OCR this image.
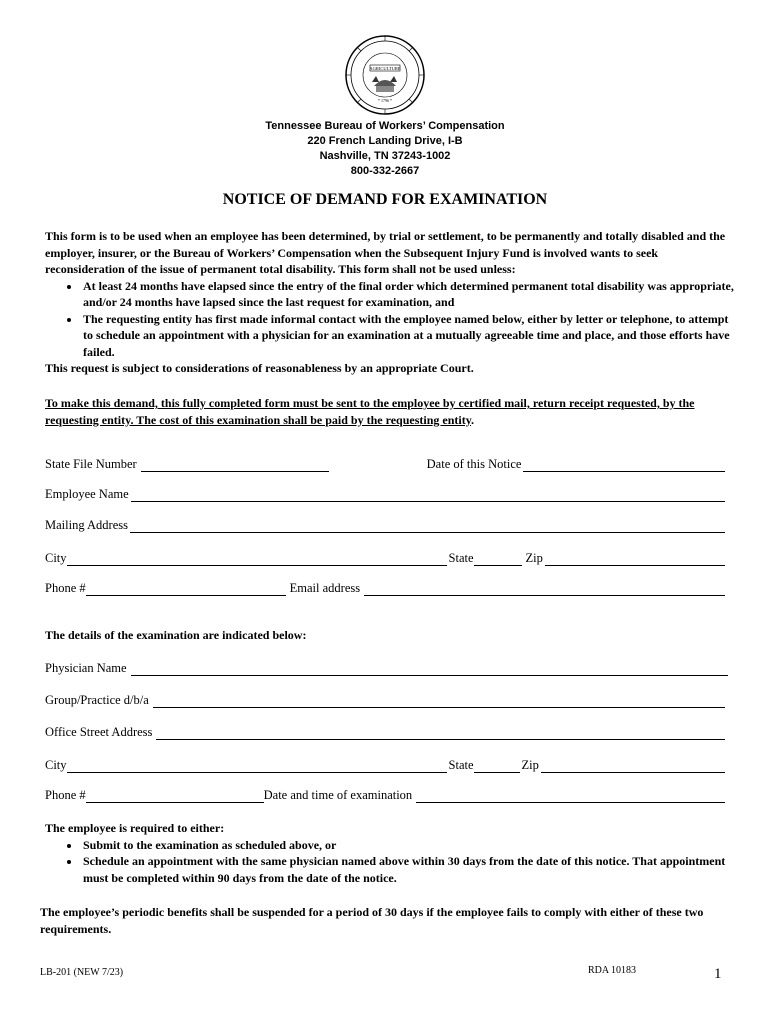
AGRICULTURE
* 1796 *
Tennessee Bureau of Workers’ Compensation
220 French Landing Drive, I-B
Nashville, TN 37243-1002
800-332-2667
NOTICE OF DEMAND FOR EXAMINATION

This form is to be used when an employee has been determined, by trial or settlement, to be permanently and totally disabled and the employer, insurer, or the Bureau of Workers’ Compensation when the Subsequent Injury Fund is involved wants to seek reconsideration of the issue of permanent total disability. This form shall not be used unless:

• At least 24 months have elapsed since the entry of the final order which determined permanent total disability was appropriate, and/or 24 months have lapsed since the last request for examination, and
• The requesting entity has first made informal contact with the employee named below, either by letter or telephone, to attempt to schedule an appointment with a physician for an examination at a mutually agreeable time and place, and those efforts have failed.

This request is subject to considerations of reasonableness by an appropriate Court.

To make this demand, this fully completed form must be sent to the employee by certified mail, return receipt requested, by the requesting entity. The cost of this examination shall be paid by the requesting entity.

State File Number	Date of this Notice
Employee Name
Mailing Address
City	State	Zip
Phone #	Email address
The details of the examination are indicated below:
Physician Name
Group/Practice d/b/a
Office Street Address
City	State	Zip
Phone #	Date and time of examination

The employee is required to either:

• Submit to the examination as scheduled above, or
• Schedule an appointment with the same physician named above within 30 days from the date of this notice. That appointment must be completed within 90 days from the date of the notice.
The employee’s periodic benefits shall be suspended for a period of 30 days if the employee fails to comply with either of these two requirements.
LB-201 (NEW 7/23)	RDA 10183	1
